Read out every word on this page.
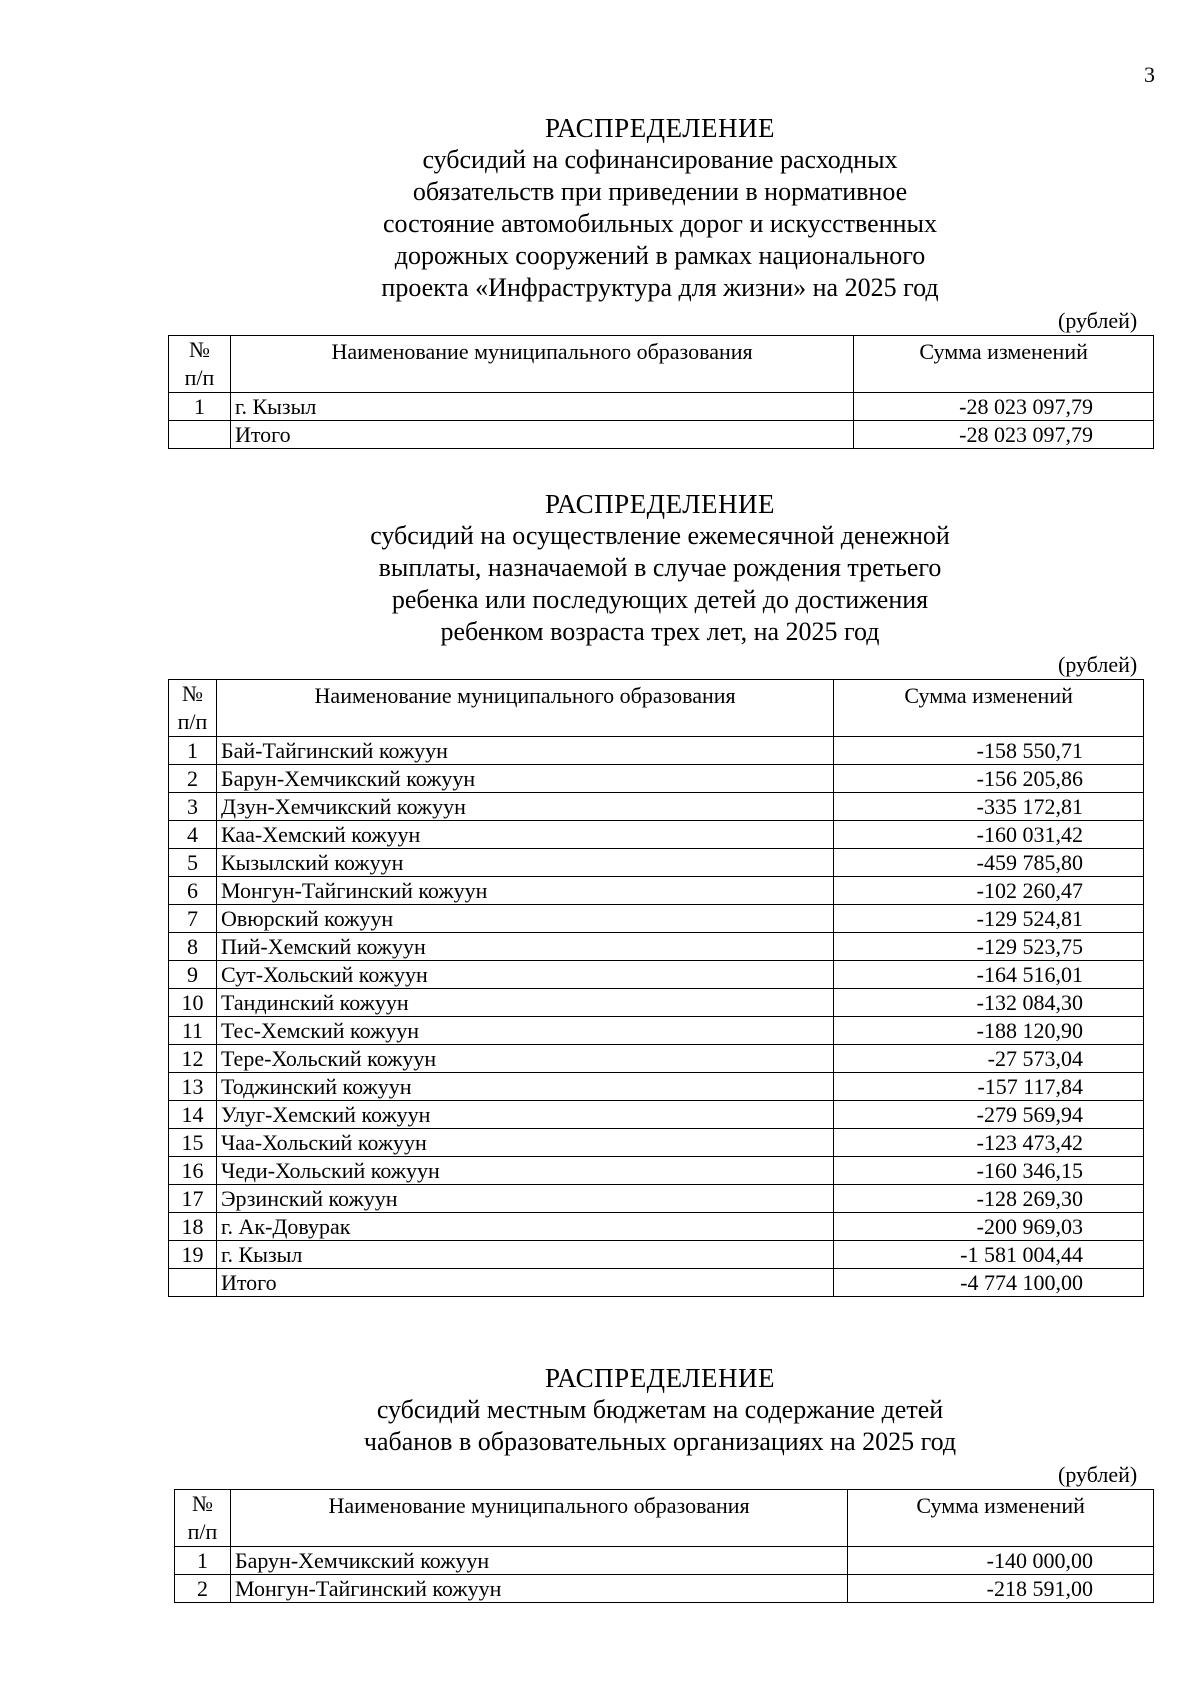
3

РАСПРЕДЕЛЕНИЕ

субсидий на софинансирование расходных

обязательств при приведении в нормативное

состояние автомобильных дорог и искусственных

дорожных сооружений в рамках национального

проекта «Инфраструктура для жизни» на 2025 год

(рублей)
№
п/п	Наименование муниципального образования	Сумма изменений
1	г. Кызыл	-28 023 097,79
	Итого	-28 023 097,79

РАСПРЕДЕЛЕНИЕ

субсидий на осуществление ежемесячной денежной

выплаты, назначаемой в случае рождения третьего

ребенка или последующих детей до достижения

ребенком возраста трех лет, на 2025 год

(рублей)
№
п/п	Наименование муниципального образования	Сумма изменений
1	Бай-Тайгинский кожуун	-158 550,71
2	Барун-Хемчикский кожуун	-156 205,86
3	Дзун-Хемчикский кожуун	-335 172,81
4	Каа-Хемский кожуун	-160 031,42
5	Кызылский кожуун	-459 785,80
6	Монгун-Тайгинский кожуун	-102 260,47
7	Овюрский кожуун	-129 524,81
8	Пий-Хемский кожуун	-129 523,75
9	Сут-Хольский кожуун	-164 516,01
10	Тандинский кожуун	-132 084,30
11	Тес-Хемский кожуун	-188 120,90
12	Тере-Хольский кожуун	-27 573,04
13	Тоджинский кожуун	-157 117,84
14	Улуг-Хемский кожуун	-279 569,94
15	Чаа-Хольский кожуун	-123 473,42
16	Чеди-Хольский кожуун	-160 346,15
17	Эрзинский кожуун	-128 269,30
18	г. Ак-Довурак	-200 969,03
19	г. Кызыл	-1 581 004,44
	Итого	-4 774 100,00

РАСПРЕДЕЛЕНИЕ

субсидий местным бюджетам на содержание детей

чабанов в образовательных организациях на 2025 год

(рублей)
№
п/п	Наименование муниципального образования	Сумма изменений
1	Барун-Хемчикский кожуун	-140 000,00
2	Монгун-Тайгинский кожуун	-218 591,00
